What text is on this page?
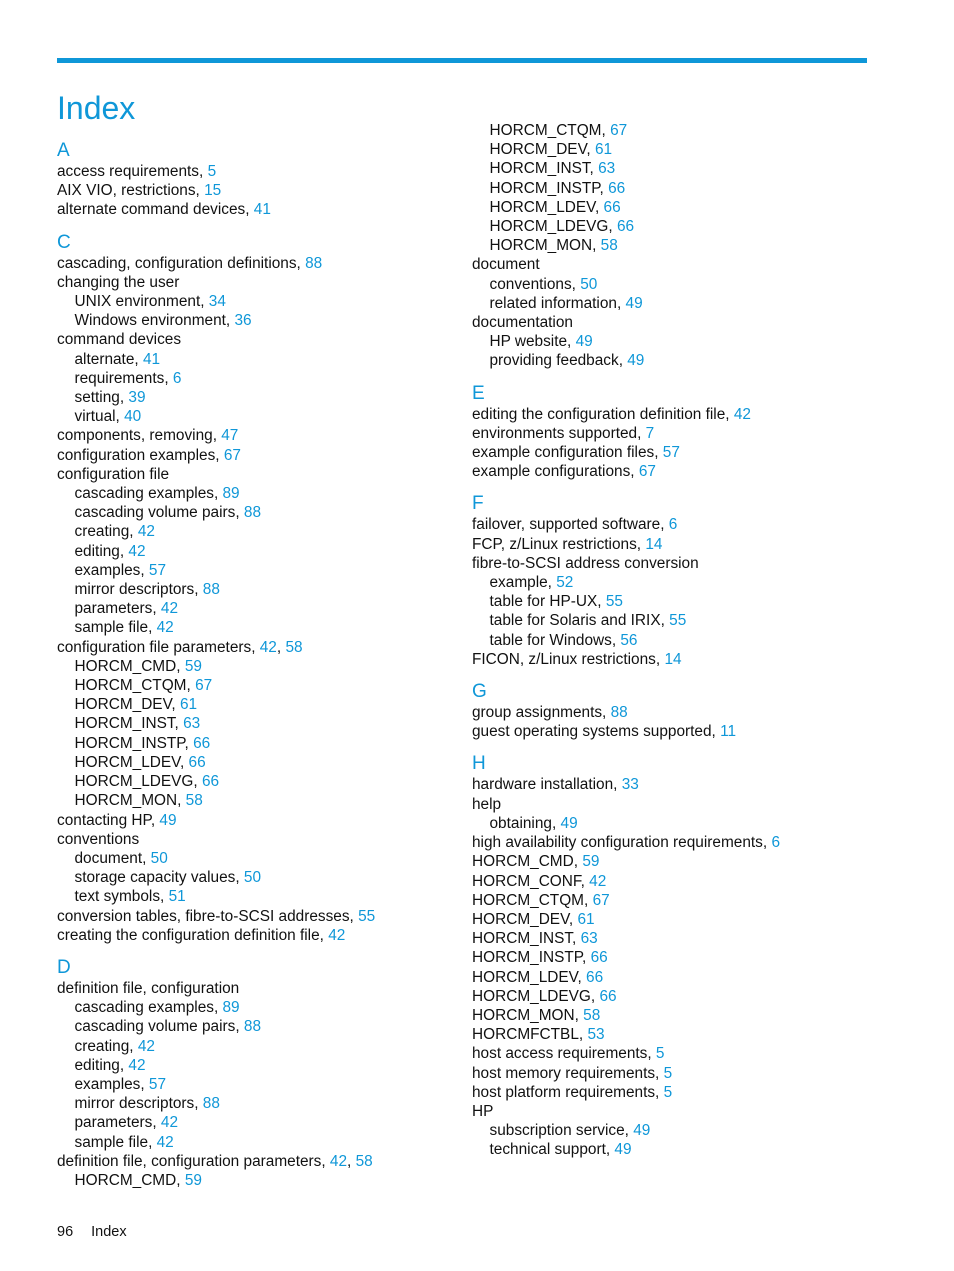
Index
A
access requirements, 5
AIX VIO, restrictions, 15
alternate command devices, 41
C
cascading, configuration definitions, 88
changing the user
UNIX environment, 34
Windows environment, 36
command devices
alternate, 41
requirements, 6
setting, 39
virtual, 40
components, removing, 47
configuration examples, 67
configuration file
cascading examples, 89
cascading volume pairs, 88
creating, 42
editing, 42
examples, 57
mirror descriptors, 88
parameters, 42
sample file, 42
configuration file parameters, 42, 58
HORCM_CMD, 59
HORCM_CTQM, 67
HORCM_DEV, 61
HORCM_INST, 63
HORCM_INSTP, 66
HORCM_LDEV, 66
HORCM_LDEVG, 66
HORCM_MON, 58
contacting HP, 49
conventions
document, 50
storage capacity values, 50
text symbols, 51
conversion tables, fibre-to-SCSI addresses, 55
creating the configuration definition file, 42
D
definition file, configuration
cascading examples, 89
cascading volume pairs, 88
creating, 42
editing, 42
examples, 57
mirror descriptors, 88
parameters, 42
sample file, 42
definition file, configuration parameters, 42, 58
HORCM_CMD, 59
HORCM_CTQM, 67
HORCM_DEV, 61
HORCM_INST, 63
HORCM_INSTP, 66
HORCM_LDEV, 66
HORCM_LDEVG, 66
HORCM_MON, 58
document
conventions, 50
related information, 49
documentation
HP website, 49
providing feedback, 49
E
editing the configuration definition file, 42
environments supported, 7
example configuration files, 57
example configurations, 67
F
failover, supported software, 6
FCP, z/Linux restrictions, 14
fibre-to-SCSI address conversion
example, 52
table for HP-UX, 55
table for Solaris and IRIX, 55
table for Windows, 56
FICON, z/Linux restrictions, 14
G
group assignments, 88
guest operating systems supported, 11
H
hardware installation, 33
help
obtaining, 49
high availability configuration requirements, 6
HORCM_CMD, 59
HORCM_CONF, 42
HORCM_CTQM, 67
HORCM_DEV, 61
HORCM_INST, 63
HORCM_INSTP, 66
HORCM_LDEV, 66
HORCM_LDEVG, 66
HORCM_MON, 58
HORCMFCTBL, 53
host access requirements, 5
host memory requirements, 5
host platform requirements, 5
HP
subscription service, 49
technical support, 49
96 Index
